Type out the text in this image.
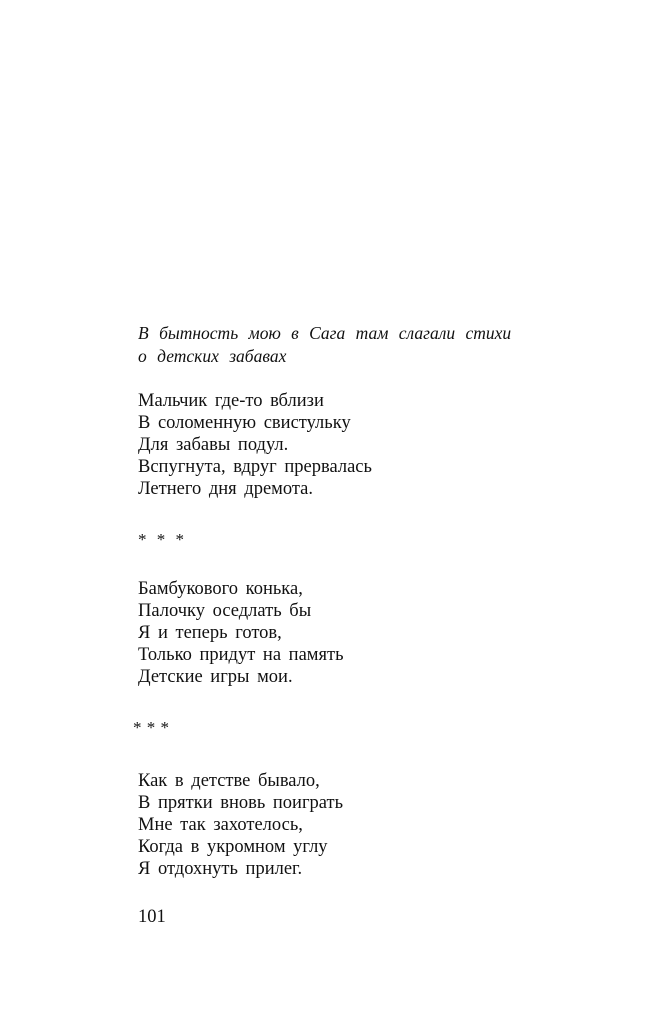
В бытность мою в Сага там слагали стихи
о детских забавах
Мальчик где-то вблизи
В соломенную свистульку
Для забавы подул.
Вспугнута, вдруг прервалась
Летнего дня дремота.
* * *
Бамбукового конька,
Палочку оседлать бы
Я и теперь готов,
Только придут на память
Детские игры мои.
* * *
Как в детстве бывало,
В прятки вновь поиграть
Мне так захотелось,
Когда в укромном углу
Я отдохнуть прилег.
101
